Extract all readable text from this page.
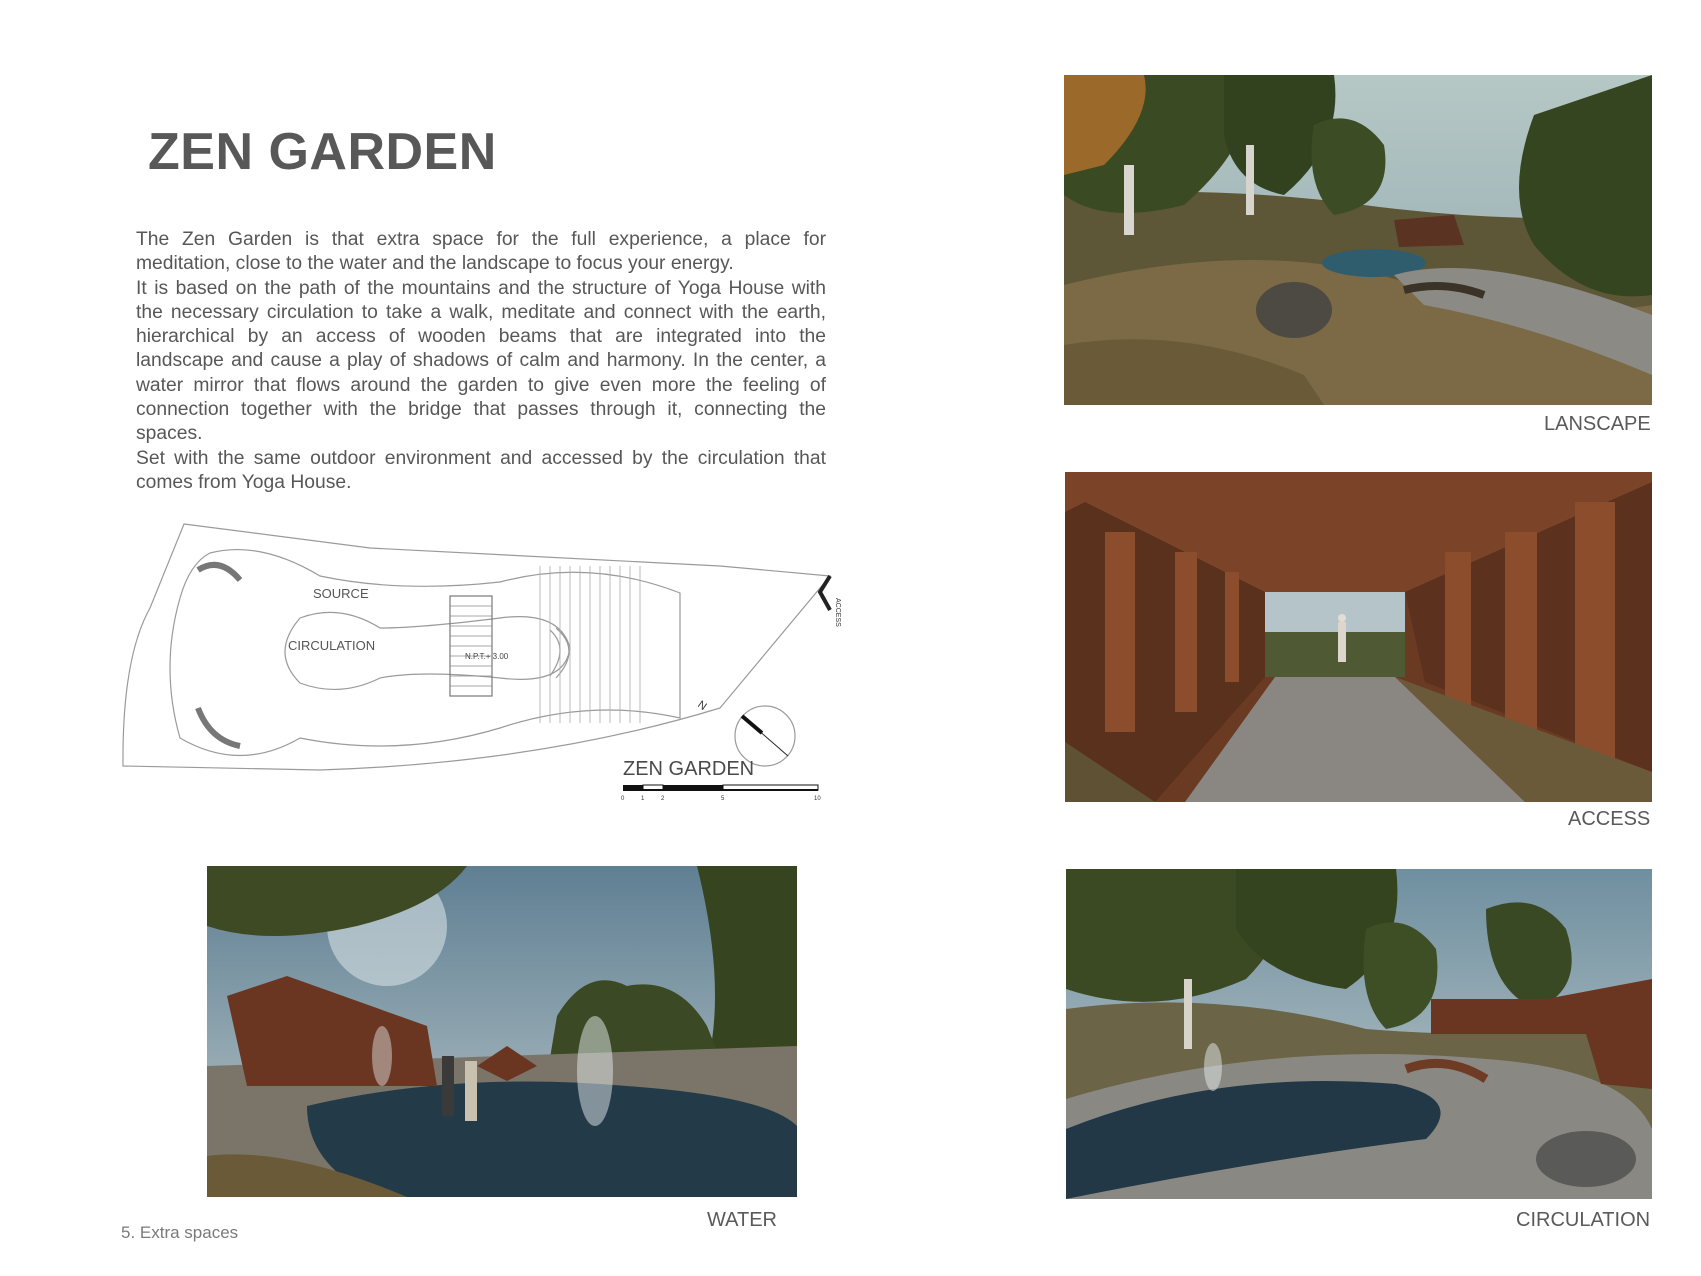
ZEN GARDEN

The Zen Garden is that extra space for the full experience, a place for meditation, close to the water and the landscape to focus your energy.

It is based on the path of the mountains and the structure of Yoga House with the necessary circulation to take a walk, meditate and connect with the earth, hierarchical by an access of wooden beams that are integrated into the landscape and cause a play of shadows of calm and harmony. In the center, a water mirror that flows around the garden to give even more the feeling of connection together with the bridge that passes through it, connecting the spaces.

Set with the same outdoor environment and accessed by the circulation that comes from Yoga House.

SOURCE
CIRCULATION
N.P.T.+ 3.00
ACCESS
N
ZEN GARDEN
0	1	2	5	10
LANSCAPE
ACCESS
WATER	CIRCULATION
5. Extra spaces
